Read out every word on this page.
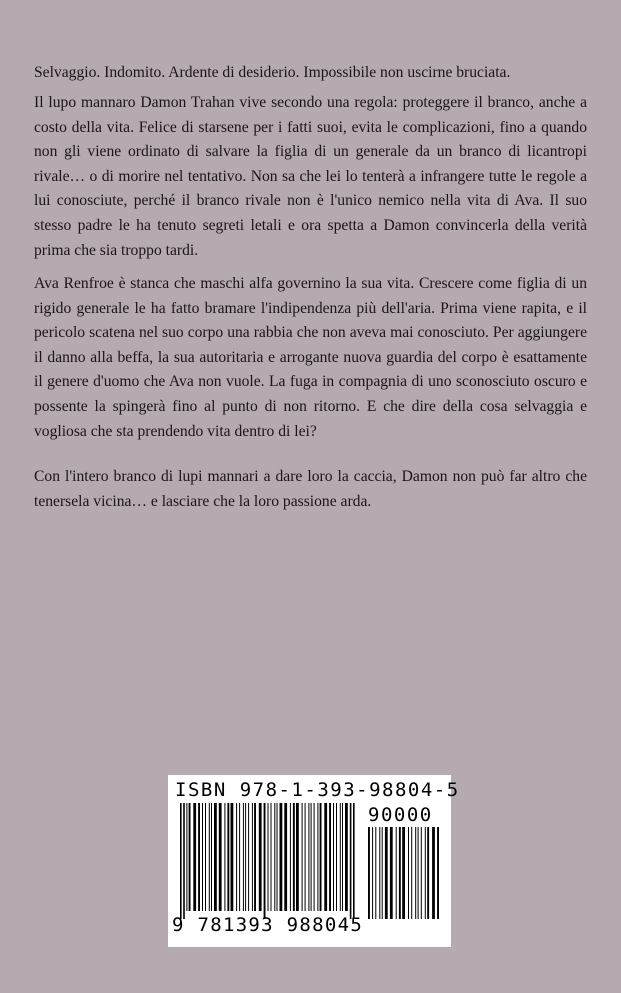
Selvaggio. Indomito. Ardente di desiderio. Impossibile non uscirne bruciata.

Il lupo mannaro Damon Trahan vive secondo una regola: proteggere il branco, anche a costo della vita. Felice di starsene per i fatti suoi, evita le complicazioni, fino a quando non gli viene ordinato di salvare la figlia di un generale da un branco di licantropi rivale… o di morire nel tentativo. Non sa che lei lo tenterà a infrangere tutte le regole a lui conosciute, perché il branco rivale non è l'unico nemico nella vita di Ava. Il suo stesso padre le ha tenuto segreti letali e ora spetta a Damon convincerla della verità prima che sia troppo tardi.

Ava Renfroe è stanca che maschi alfa governino la sua vita. Crescere come figlia di un rigido generale le ha fatto bramare l'indipendenza più dell'aria. Prima viene rapita, e il pericolo scatena nel suo corpo una rabbia che non aveva mai conosciuto. Per aggiungere il danno alla beffa, la sua autoritaria e arrogante nuova guardia del corpo è esattamente il genere d'uomo che Ava non vuole. La fuga in compagnia di uno sconosciuto oscuro e possente la spingerà fino al punto di non ritorno. E che dire della cosa selvaggia e vogliosa che sta prendendo vita dentro di lei?

Con l'intero branco di lupi mannari a dare loro la caccia, Damon non può far altro che tenersela vicina… e lasciare che la loro passione arda.

ISBN 978-1-393-98804-5
90000
9 781393 988045
